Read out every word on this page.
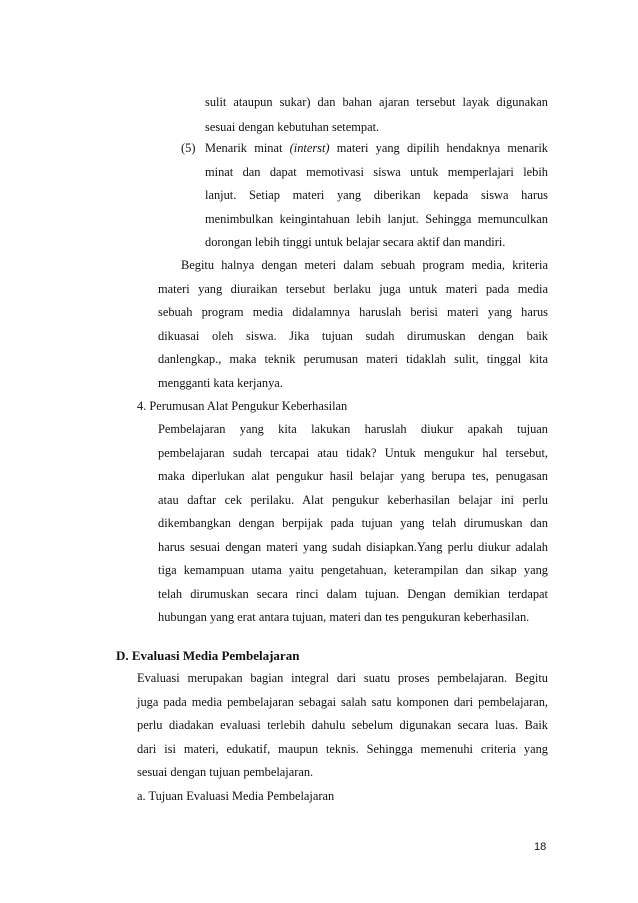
sulit ataupun sukar) dan bahan ajaran tersebut layak digunakan
sesuai dengan kebutuhan setempat.
(5) Menarik minat (interst) materi yang dipilih hendaknya menarik
minat dan dapat memotivasi siswa untuk memperlajari lebih
lanjut. Setiap materi yang diberikan kepada siswa harus
menimbulkan keingintahuan lebih lanjut. Sehingga memunculkan
dorongan lebih tinggi untuk belajar secara aktif dan mandiri.
Begitu halnya dengan meteri dalam sebuah program media, kriteria
materi yang diuraikan tersebut berlaku juga untuk materi pada media
sebuah program media didalamnya haruslah berisi materi yang harus
dikuasai oleh siswa. Jika tujuan sudah dirumuskan dengan baik
danlengkap., maka teknik perumusan materi tidaklah sulit, tinggal kita
mengganti kata kerjanya.
4. Perumusan Alat Pengukur Keberhasilan
Pembelajaran yang kita lakukan haruslah diukur apakah tujuan
pembelajaran sudah tercapai atau tidak? Untuk mengukur hal tersebut,
maka diperlukan alat pengukur hasil belajar yang berupa tes, penugasan
atau daftar cek perilaku. Alat pengukur keberhasilan belajar ini perlu
dikembangkan dengan berpijak pada tujuan yang telah dirumuskan dan
harus sesuai dengan materi yang sudah disiapkan.Yang perlu diukur adalah
tiga kemampuan utama yaitu pengetahuan, keterampilan dan sikap yang
telah dirumuskan secara rinci dalam tujuan. Dengan demikian terdapat
hubungan yang erat antara tujuan, materi dan tes pengukuran keberhasilan.
D. Evaluasi Media Pembelajaran
Evaluasi merupakan bagian integral dari suatu proses pembelajaran. Begitu
juga pada media pembelajaran sebagai salah satu komponen dari pembelajaran,
perlu diadakan evaluasi terlebih dahulu sebelum digunakan secara luas. Baik
dari isi materi, edukatif, maupun teknis. Sehingga memenuhi criteria yang
sesuai dengan tujuan pembelajaran.
a. Tujuan Evaluasi Media Pembelajaran
18
